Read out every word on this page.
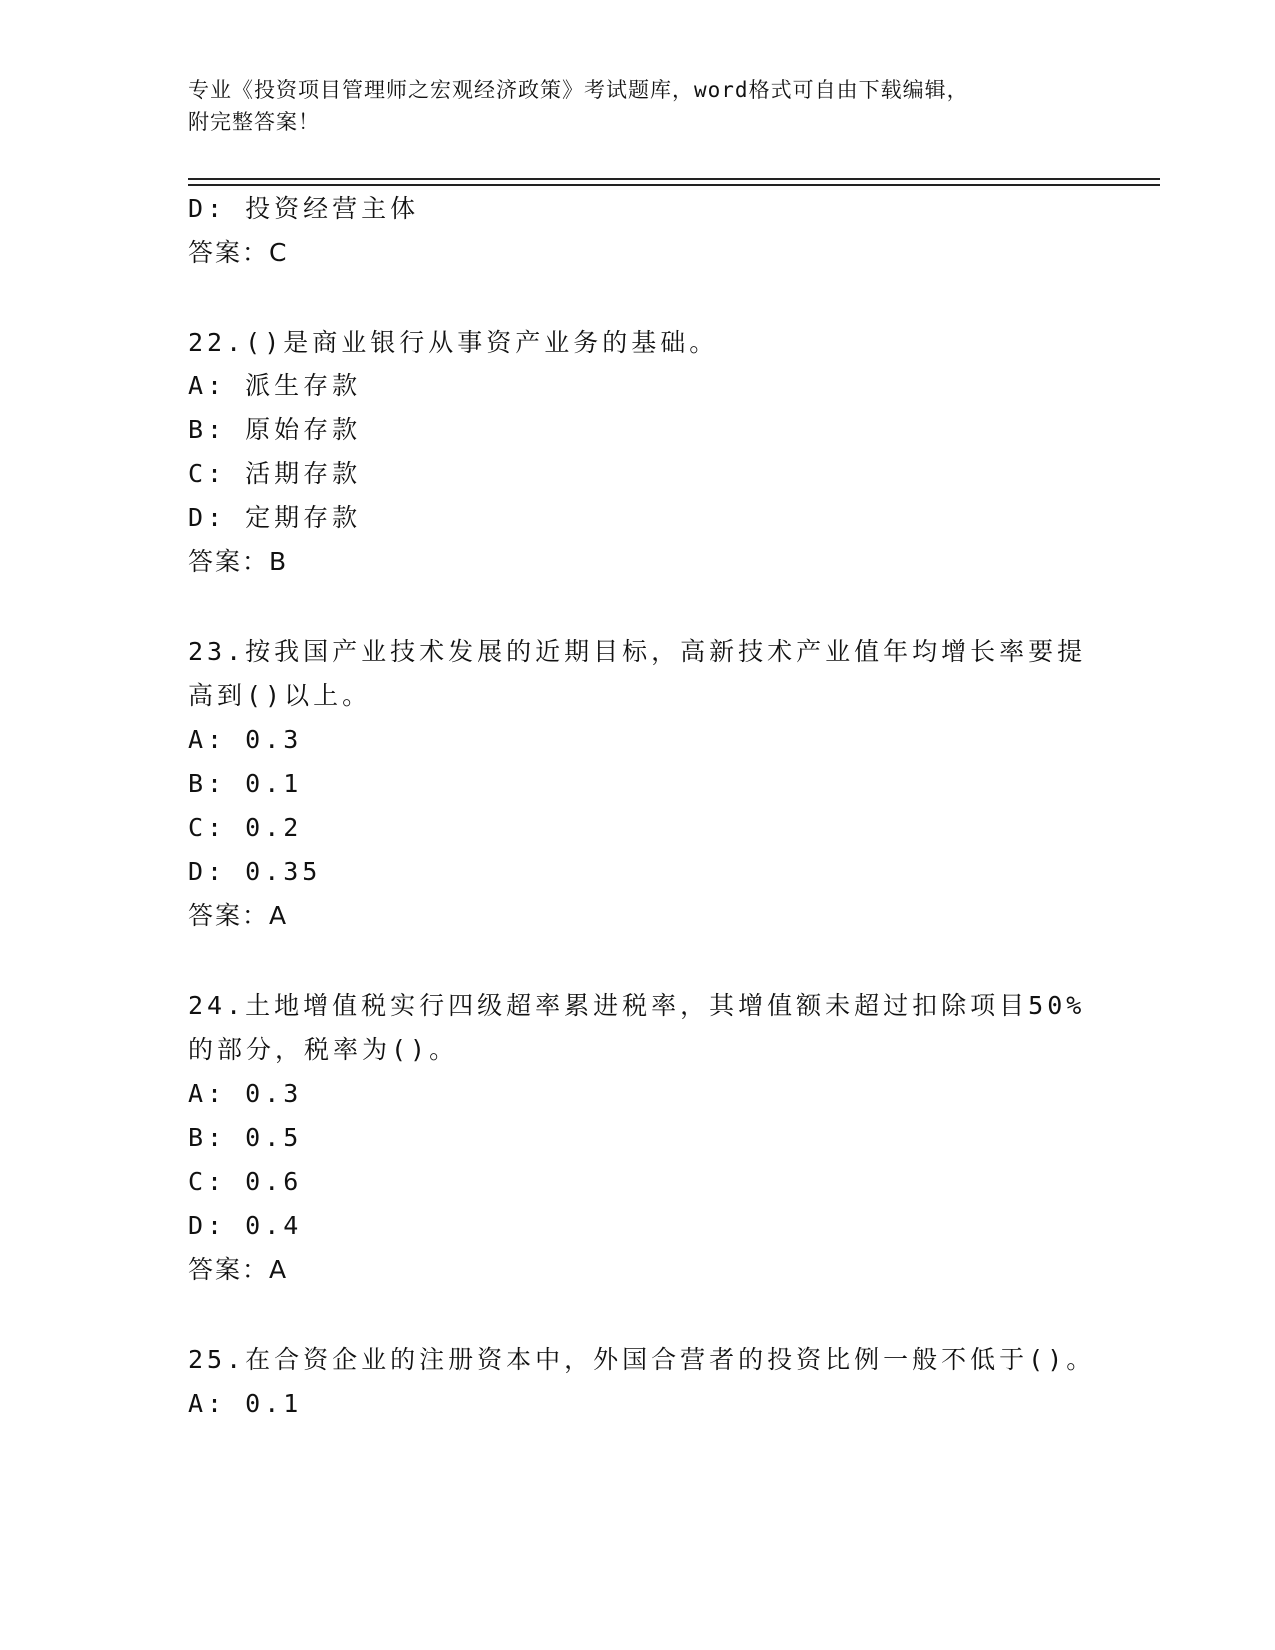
专业《投资项目管理师之宏观经济政策》考试题库，word格式可自由下载编辑，
附完整答案！
D: 投资经营主体
答案：C
22.()是商业银行从事资产业务的基础。
A: 派生存款
B: 原始存款
C: 活期存款
D: 定期存款
答案：B
23.按我国产业技术发展的近期目标，高新技术产业值年均增长率要提
高到()以上。
A: 0.3
B: 0.1
C: 0.2
D: 0.35
答案：A
24.土地增值税实行四级超率累进税率，其增值额未超过扣除项目50%
的部分，税率为()。
A: 0.3
B: 0.5
C: 0.6
D: 0.4
答案：A
25.在合资企业的注册资本中，外国合营者的投资比例一般不低于()。
A: 0.1
